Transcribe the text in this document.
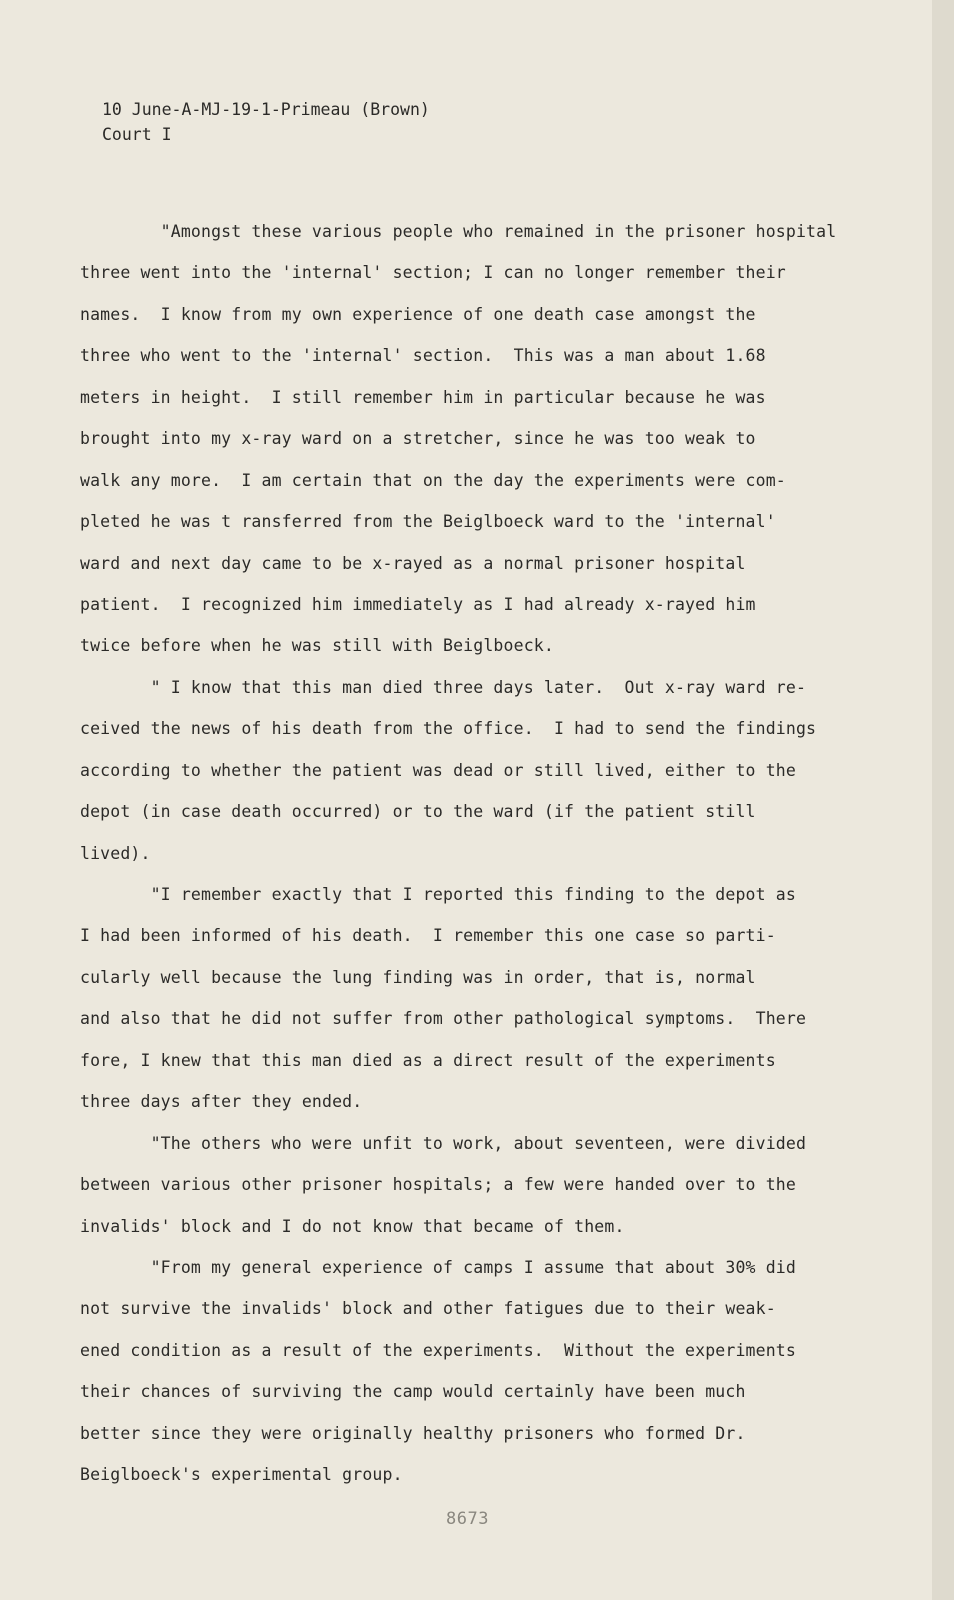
10 June-A-MJ-19-1-Primeau (Brown)
Court I
"Amongst these various people who remained in the prisoner hospital
three went into the 'internal' section; I can no longer remember their
names.  I know from my own experience of one death case amongst the
three who went to the 'internal' section.  This was a man about 1.68
meters in height.  I still remember him in particular because he was
brought into my x-ray ward on a stretcher, since he was too weak to
walk any more.  I am certain that on the day the experiments were com-
pleted he was t ransferred from the Beiglboeck ward to the 'internal'
ward and next day came to be x-rayed as a normal prisoner hospital
patient.  I recognized him immediately as I had already x-rayed him
twice before when he was still with Beiglboeck.
" I know that this man died three days later.  Out x-ray ward re-
ceived the news of his death from the office.  I had to send the findings
according to whether the patient was dead or still lived, either to the
depot (in case death occurred) or to the ward (if the patient still
lived).
"I remember exactly that I reported this finding to the depot as
I had been informed of his death.  I remember this one case so parti-
cularly well because the lung finding was in order, that is, normal
and also that he did not suffer from other pathological symptoms.  There
fore, I knew that this man died as a direct result of the experiments
three days after they ended.
"The others who were unfit to work, about seventeen, were divided
between various other prisoner hospitals; a few were handed over to the
invalids' block and I do not know that became of them.
"From my general experience of camps I assume that about 30% did
not survive the invalids' block and other fatigues due to their weak-
ened condition as a result of the experiments.  Without the experiments
their chances of surviving the camp would certainly have been much
better since they were originally healthy prisoners who formed Dr.
Beiglboeck's experimental group.
8673
